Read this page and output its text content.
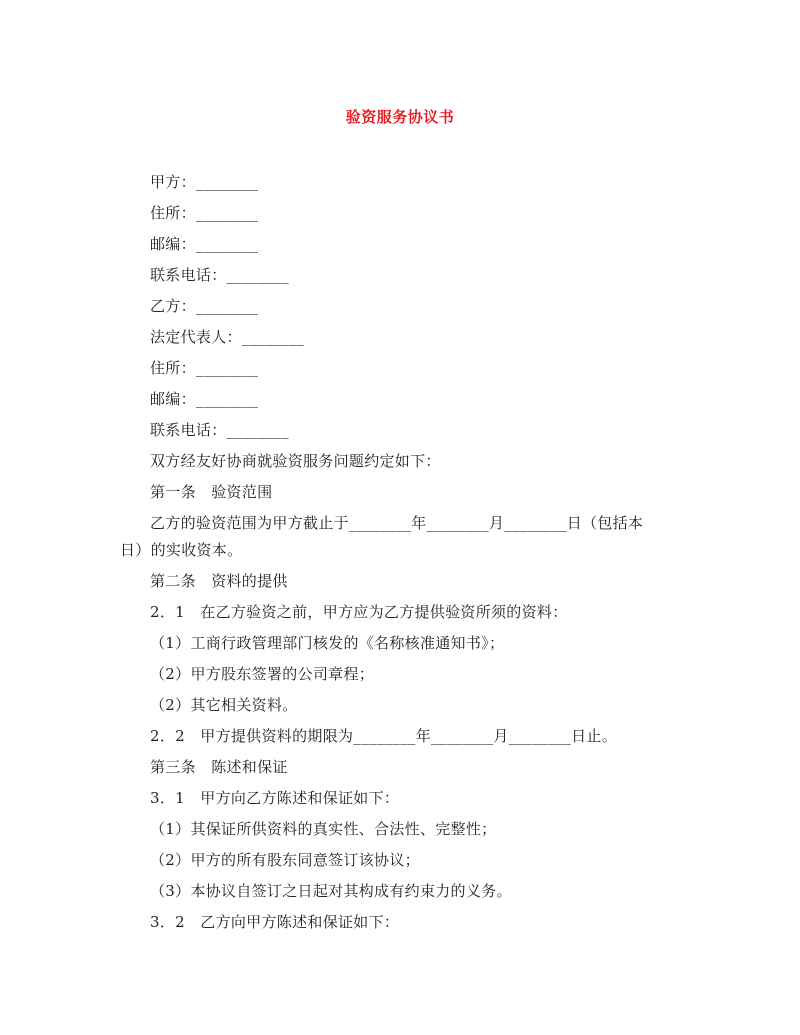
验资服务协议书
甲方：________
住所：________
邮编：________
联系电话：________
乙方：________
法定代表人：________
住所：________
邮编：________
联系电话：________
双方经友好协商就验资服务问题约定如下：
第一条　验资范围
乙方的验资范围为甲方截止于________年________月________日（包括本
日）的实收资本。
第二条　资料的提供
2．1　在乙方验资之前，甲方应为乙方提供验资所须的资料：
（1）工商行政管理部门核发的《名称核准通知书》；
（2）甲方股东签署的公司章程；
（2）其它相关资料。
2．2　甲方提供资料的期限为________年________月________日止。
第三条　陈述和保证
3．1　甲方向乙方陈述和保证如下：
（1）其保证所供资料的真实性、合法性、完整性；
（2）甲方的所有股东同意签订该协议；
（3）本协议自签订之日起对其构成有约束力的义务。
3．2　乙方向甲方陈述和保证如下：
